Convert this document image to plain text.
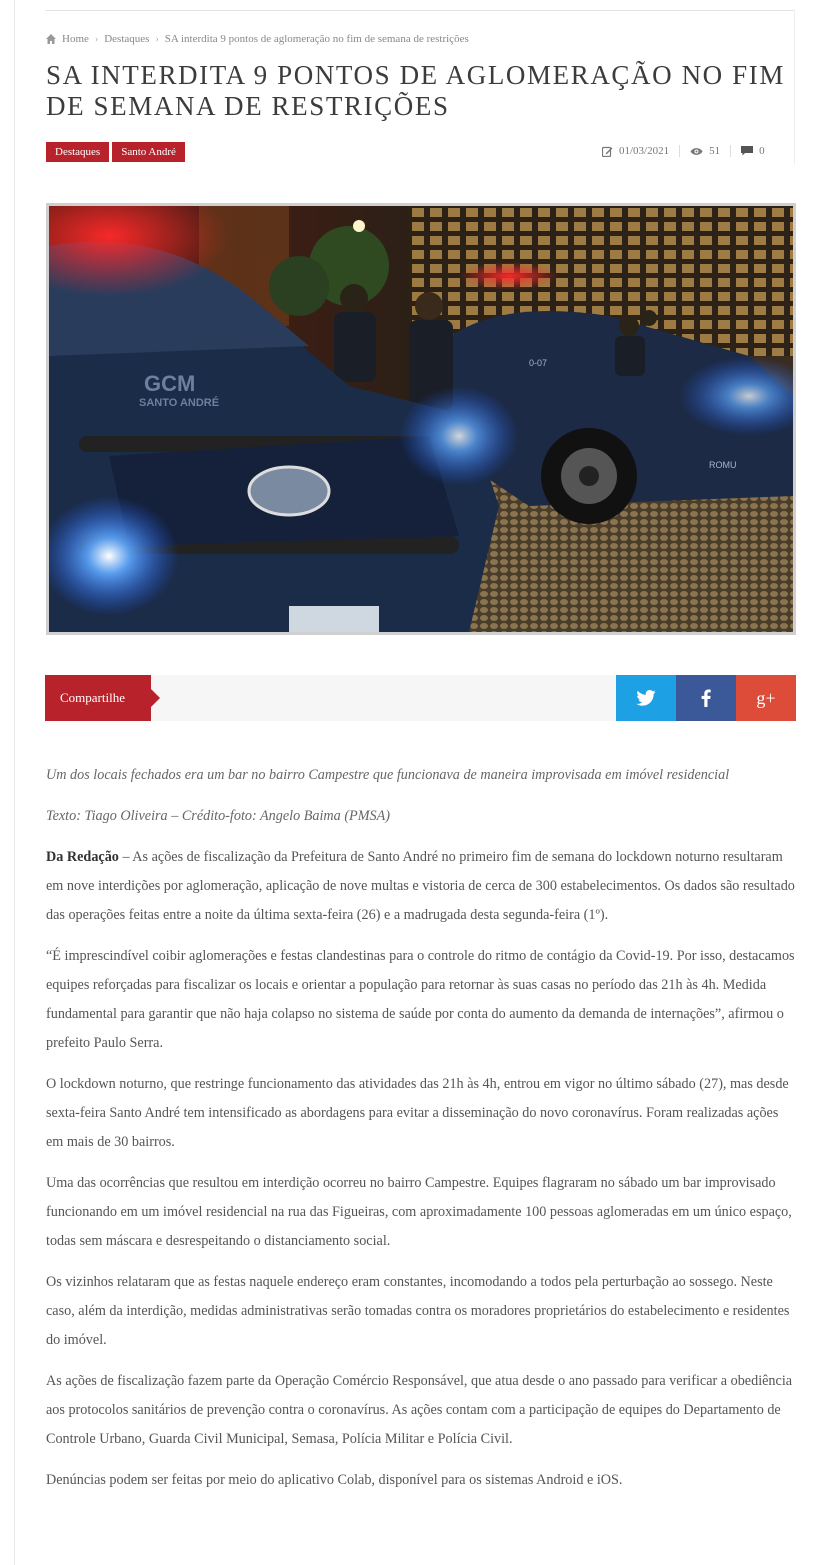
Home › Destaques › SA interdita 9 pontos de aglomeração no fim de semana de restrições
SA INTERDITA 9 PONTOS DE AGLOMERAÇÃO NO FIM DE SEMANA DE RESTRIÇÕES
Destaques	Santo André	01/03/2021	51	0
GCM
SANTO ANDRÉ
0-07
ROMU
Compartilhe	g+

Um dos locais fechados era um bar no bairro Campestre que funcionava de maneira improvisada em imóvel residencial

Texto: Tiago Oliveira – Crédito-foto: Angelo Baima (PMSA)

Da Redação – As ações de fiscalização da Prefeitura de Santo André no primeiro fim de semana do lockdown noturno resultaram em nove interdições por aglomeração, aplicação de nove multas e vistoria de cerca de 300 estabelecimentos. Os dados são resultado das operações feitas entre a noite da última sexta-feira (26) e a madrugada desta segunda-feira (1º).

“É imprescindível coibir aglomerações e festas clandestinas para o controle do ritmo de contágio da Covid-19. Por isso, destacamos equipes reforçadas para fiscalizar os locais e orientar a população para retornar às suas casas no período das 21h às 4h. Medida fundamental para garantir que não haja colapso no sistema de saúde por conta do aumento da demanda de internações”, afirmou o prefeito Paulo Serra.

O lockdown noturno, que restringe funcionamento das atividades das 21h às 4h, entrou em vigor no último sábado (27), mas desde sexta-feira Santo André tem intensificado as abordagens para evitar a disseminação do novo coronavírus. Foram realizadas ações em mais de 30 bairros.

Uma das ocorrências que resultou em interdição ocorreu no bairro Campestre. Equipes flagraram no sábado um bar improvisado funcionando em um imóvel residencial na rua das Figueiras, com aproximadamente 100 pessoas aglomeradas em um único espaço, todas sem máscara e desrespeitando o distanciamento social.

Os vizinhos relataram que as festas naquele endereço eram constantes, incomodando a todos pela perturbação ao sossego. Neste caso, além da interdição, medidas administrativas serão tomadas contra os moradores proprietários do estabelecimento e residentes do imóvel.

As ações de fiscalização fazem parte da Operação Comércio Responsável, que atua desde o ano passado para verificar a obediência aos protocolos sanitários de prevenção contra o coronavírus. As ações contam com a participação de equipes do Departamento de Controle Urbano, Guarda Civil Municipal, Semasa, Polícia Militar e Polícia Civil.

Denúncias podem ser feitas por meio do aplicativo Colab, disponível para os sistemas Android e iOS.
